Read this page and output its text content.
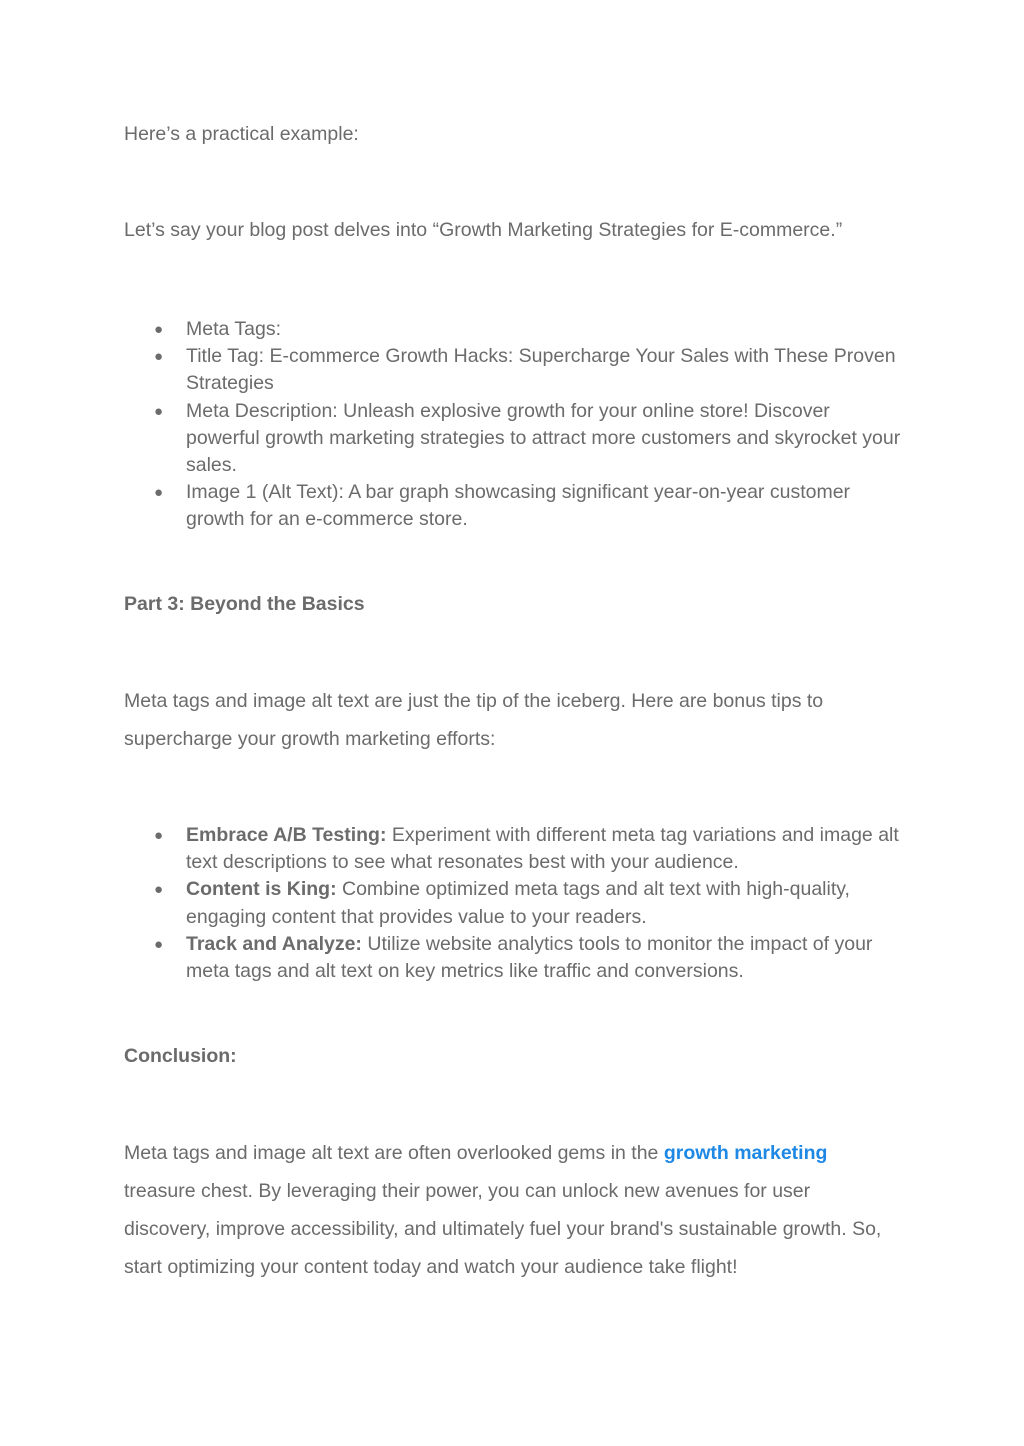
Here’s a practical example:

Let’s say your blog post delves into “Growth Marketing Strategies for E-commerce.”

● Meta Tags:
● Title Tag: E-commerce Growth Hacks: Supercharge Your Sales with These Proven Strategies
● Meta Description: Unleash explosive growth for your online store! Discover powerful growth marketing strategies to attract more customers and skyrocket your sales.
● Image 1 (Alt Text): A bar graph showcasing significant year-on-year customer growth for an e-commerce store.

Part 3: Beyond the Basics

Meta tags and image alt text are just the tip of the iceberg. Here are bonus tips to supercharge your growth marketing efforts:

● Embrace A/B Testing: Experiment with different meta tag variations and image alt text descriptions to see what resonates best with your audience.
● Content is King: Combine optimized meta tags and alt text with high-quality, engaging content that provides value to your readers.
● Track and Analyze: Utilize website analytics tools to monitor the impact of your meta tags and alt text on key metrics like traffic and conversions.

Conclusion:

Meta tags and image alt text are often overlooked gems in the growth marketing treasure chest. By leveraging their power, you can unlock new avenues for user discovery, improve accessibility, and ultimately fuel your brand's sustainable growth. So, start optimizing your content today and watch your audience take flight!
